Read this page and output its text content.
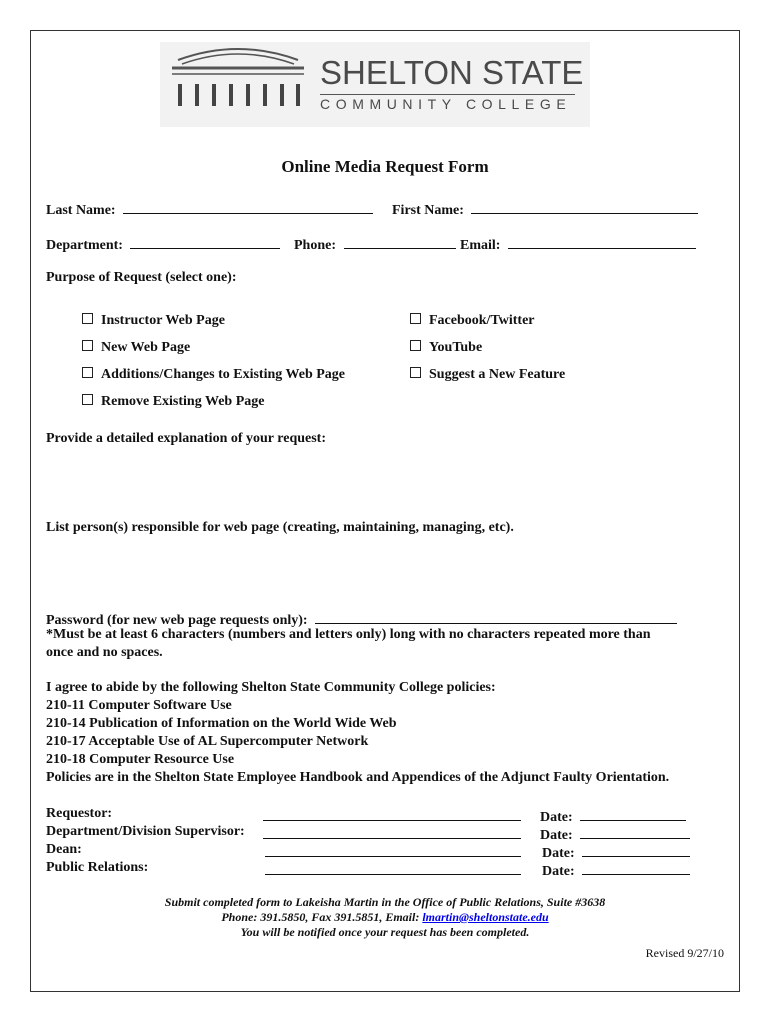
SHELTON STATE
COMMUNITY COLLEGE
Online Media Request Form
Last Name:	First Name:
Department:	Phone:	Email:
Purpose of Request (select one):
Instructor Web Page
New Web Page
Additions/Changes to Existing Web Page
Remove Existing Web Page
Facebook/Twitter
YouTube
Suggest a New Feature
Provide a detailed explanation of your request:
List person(s) responsible for web page (creating, maintaining, managing, etc).
Password (for new web page requests only):
*Must be at least 6 characters (numbers and letters only) long with no characters repeated more than
once and no spaces.
I agree to abide by the following Shelton State Community College policies:
210-11 Computer Software Use
210-14 Publication of Information on the World Wide Web
210-17 Acceptable Use of AL Supercomputer Network
210-18 Computer Resource Use
Policies are in the Shelton State Employee Handbook and Appendices of the Adjunct Faulty Orientation.
Requestor:	Date:
Department/Division Supervisor:	Date:
Dean:	Date:
Public Relations:	Date:
Submit completed form to Lakeisha Martin in the Office of Public Relations, Suite #3638
Phone: 391.5850, Fax 391.5851, Email: lmartin@sheltonstate.edu
You will be notified once your request has been completed.
Revised 9/27/10
